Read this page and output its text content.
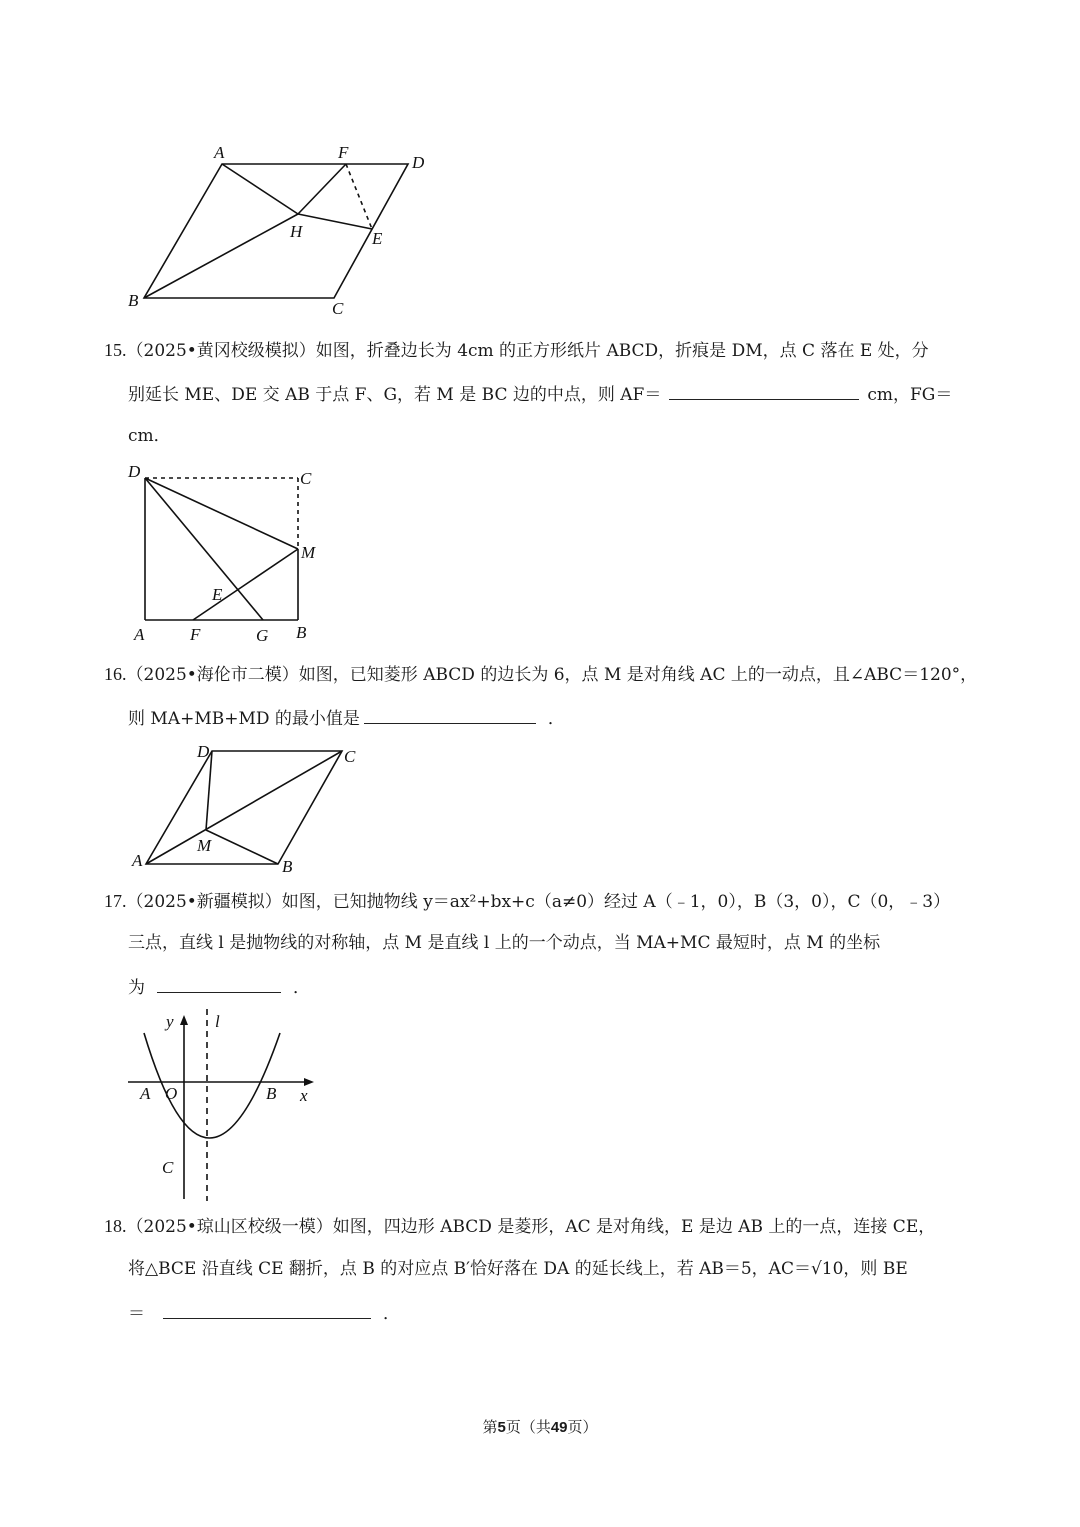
A	F
D
H	E
B	C
15.（2025•黄冈校级模拟）如图，折叠边长为 4cm 的正方形纸片 ABCD，折痕是 DM，点 C 落在 E 处，分
别延长 ME、DE 交 AB 于点 F、G，若 M 是 BC 边的中点，则 AF＝	cm，FG＝
cm．
D	C
M
E
A	F	G B
16.（2025•海伦市二模）如图，已知菱形 ABCD 的边长为 6，点 M 是对角线 AC 上的一动点，且∠ABC＝120°，
则 MA+MB+MD 的最小值是	．
D	C
M
A	B
17.（2025•新疆模拟）如图，已知抛物线 y＝ax²+bx+c（a≠0）经过 A（﹣1，0），B（3，0），C（0，﹣3）
三点，直线 l 是抛物线的对称轴，点 M 是直线 l 上的一个动点，当 MA+MC 最短时，点 M 的坐标
为	．
y l
A O	B x
C
18.（2025•琼山区校级一模）如图，四边形 ABCD 是菱形，AC 是对角线，E 是边 AB 上的一点，连接 CE，
将△BCE 沿直线 CE 翻折，点 B 的对应点 B′恰好落在 DA 的延长线上，若 AB＝5，AC＝√10，则 BE
＝	．
第5页（共49页）
